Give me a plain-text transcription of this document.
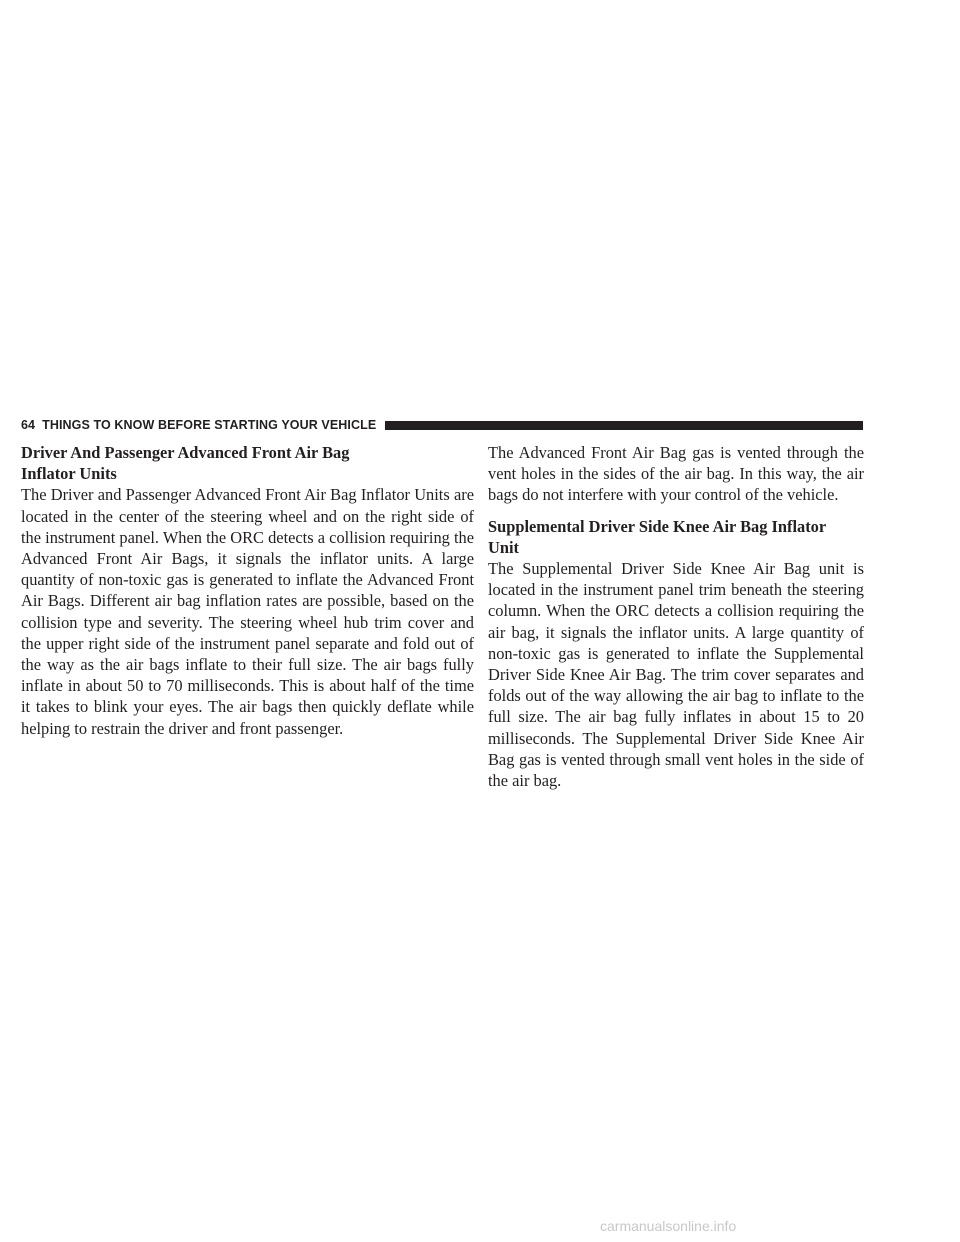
64 THINGS TO KNOW BEFORE STARTING YOUR VEHICLE

Driver And Passenger Advanced Front Air Bag
Inflator Units

The Driver and Passenger Advanced Front Air Bag Inflator Units are located in the center of the steering wheel and on the right side of the instrument panel. When the ORC detects a collision requiring the Advanced Front Air Bags, it signals the inflator units. A large quantity of non-toxic gas is generated to inflate the Advanced Front Air Bags. Different air bag inflation rates are possible, based on the collision type and severity. The steering wheel hub trim cover and the upper right side of the instrument panel separate and fold out of the way as the air bags inflate to their full size. The air bags fully inflate in about 50 to 70 milliseconds. This is about half of the time it takes to blink your eyes. The air bags then quickly deflate while helping to restrain the driver and front passenger.

The Advanced Front Air Bag gas is vented through the vent holes in the sides of the air bag. In this way, the air bags do not interfere with your control of the vehicle.

Supplemental Driver Side Knee Air Bag Inflator
Unit

The Supplemental Driver Side Knee Air Bag unit is located in the instrument panel trim beneath the steering column. When the ORC detects a collision requiring the air bag, it signals the inflator units. A large quantity of non-toxic gas is generated to inflate the Supplemental Driver Side Knee Air Bag. The trim cover separates and folds out of the way allowing the air bag to inflate to the full size. The air bag fully inflates in about 15 to 20 milliseconds. The Supplemental Driver Side Knee Air Bag gas is vented through small vent holes in the side of the air bag.

carmanualsonline.info
